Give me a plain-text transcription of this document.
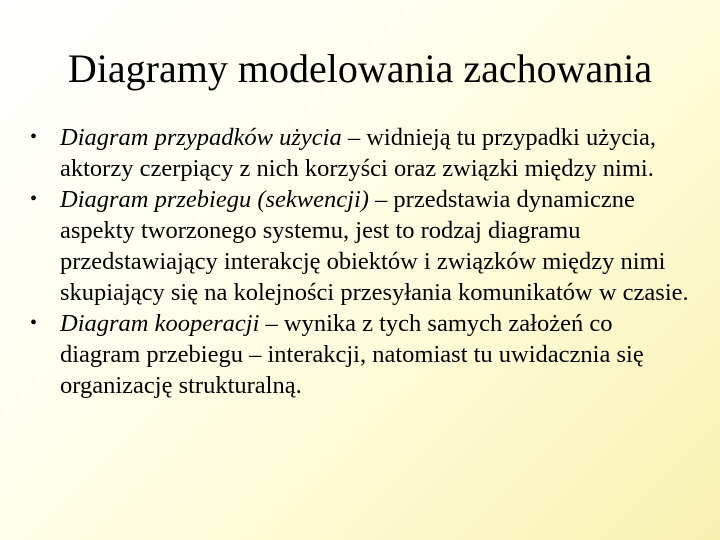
Diagramy modelowania zachowania
• Diagram przypadków użycia – widnieją tu przypadki użycia, aktorzy czerpiący z nich korzyści oraz związki między nimi.
• Diagram przebiegu (sekwencji) – przedstawia dynamiczne aspekty tworzonego systemu, jest to rodzaj diagramu przedstawiający interakcję obiektów i związków między nimi skupiający się na kolejności przesyłania komunikatów w czasie.
• Diagram kooperacji – wynika z tych samych założeń co diagram przebiegu – interakcji, natomiast tu uwidacznia się organizację strukturalną.
